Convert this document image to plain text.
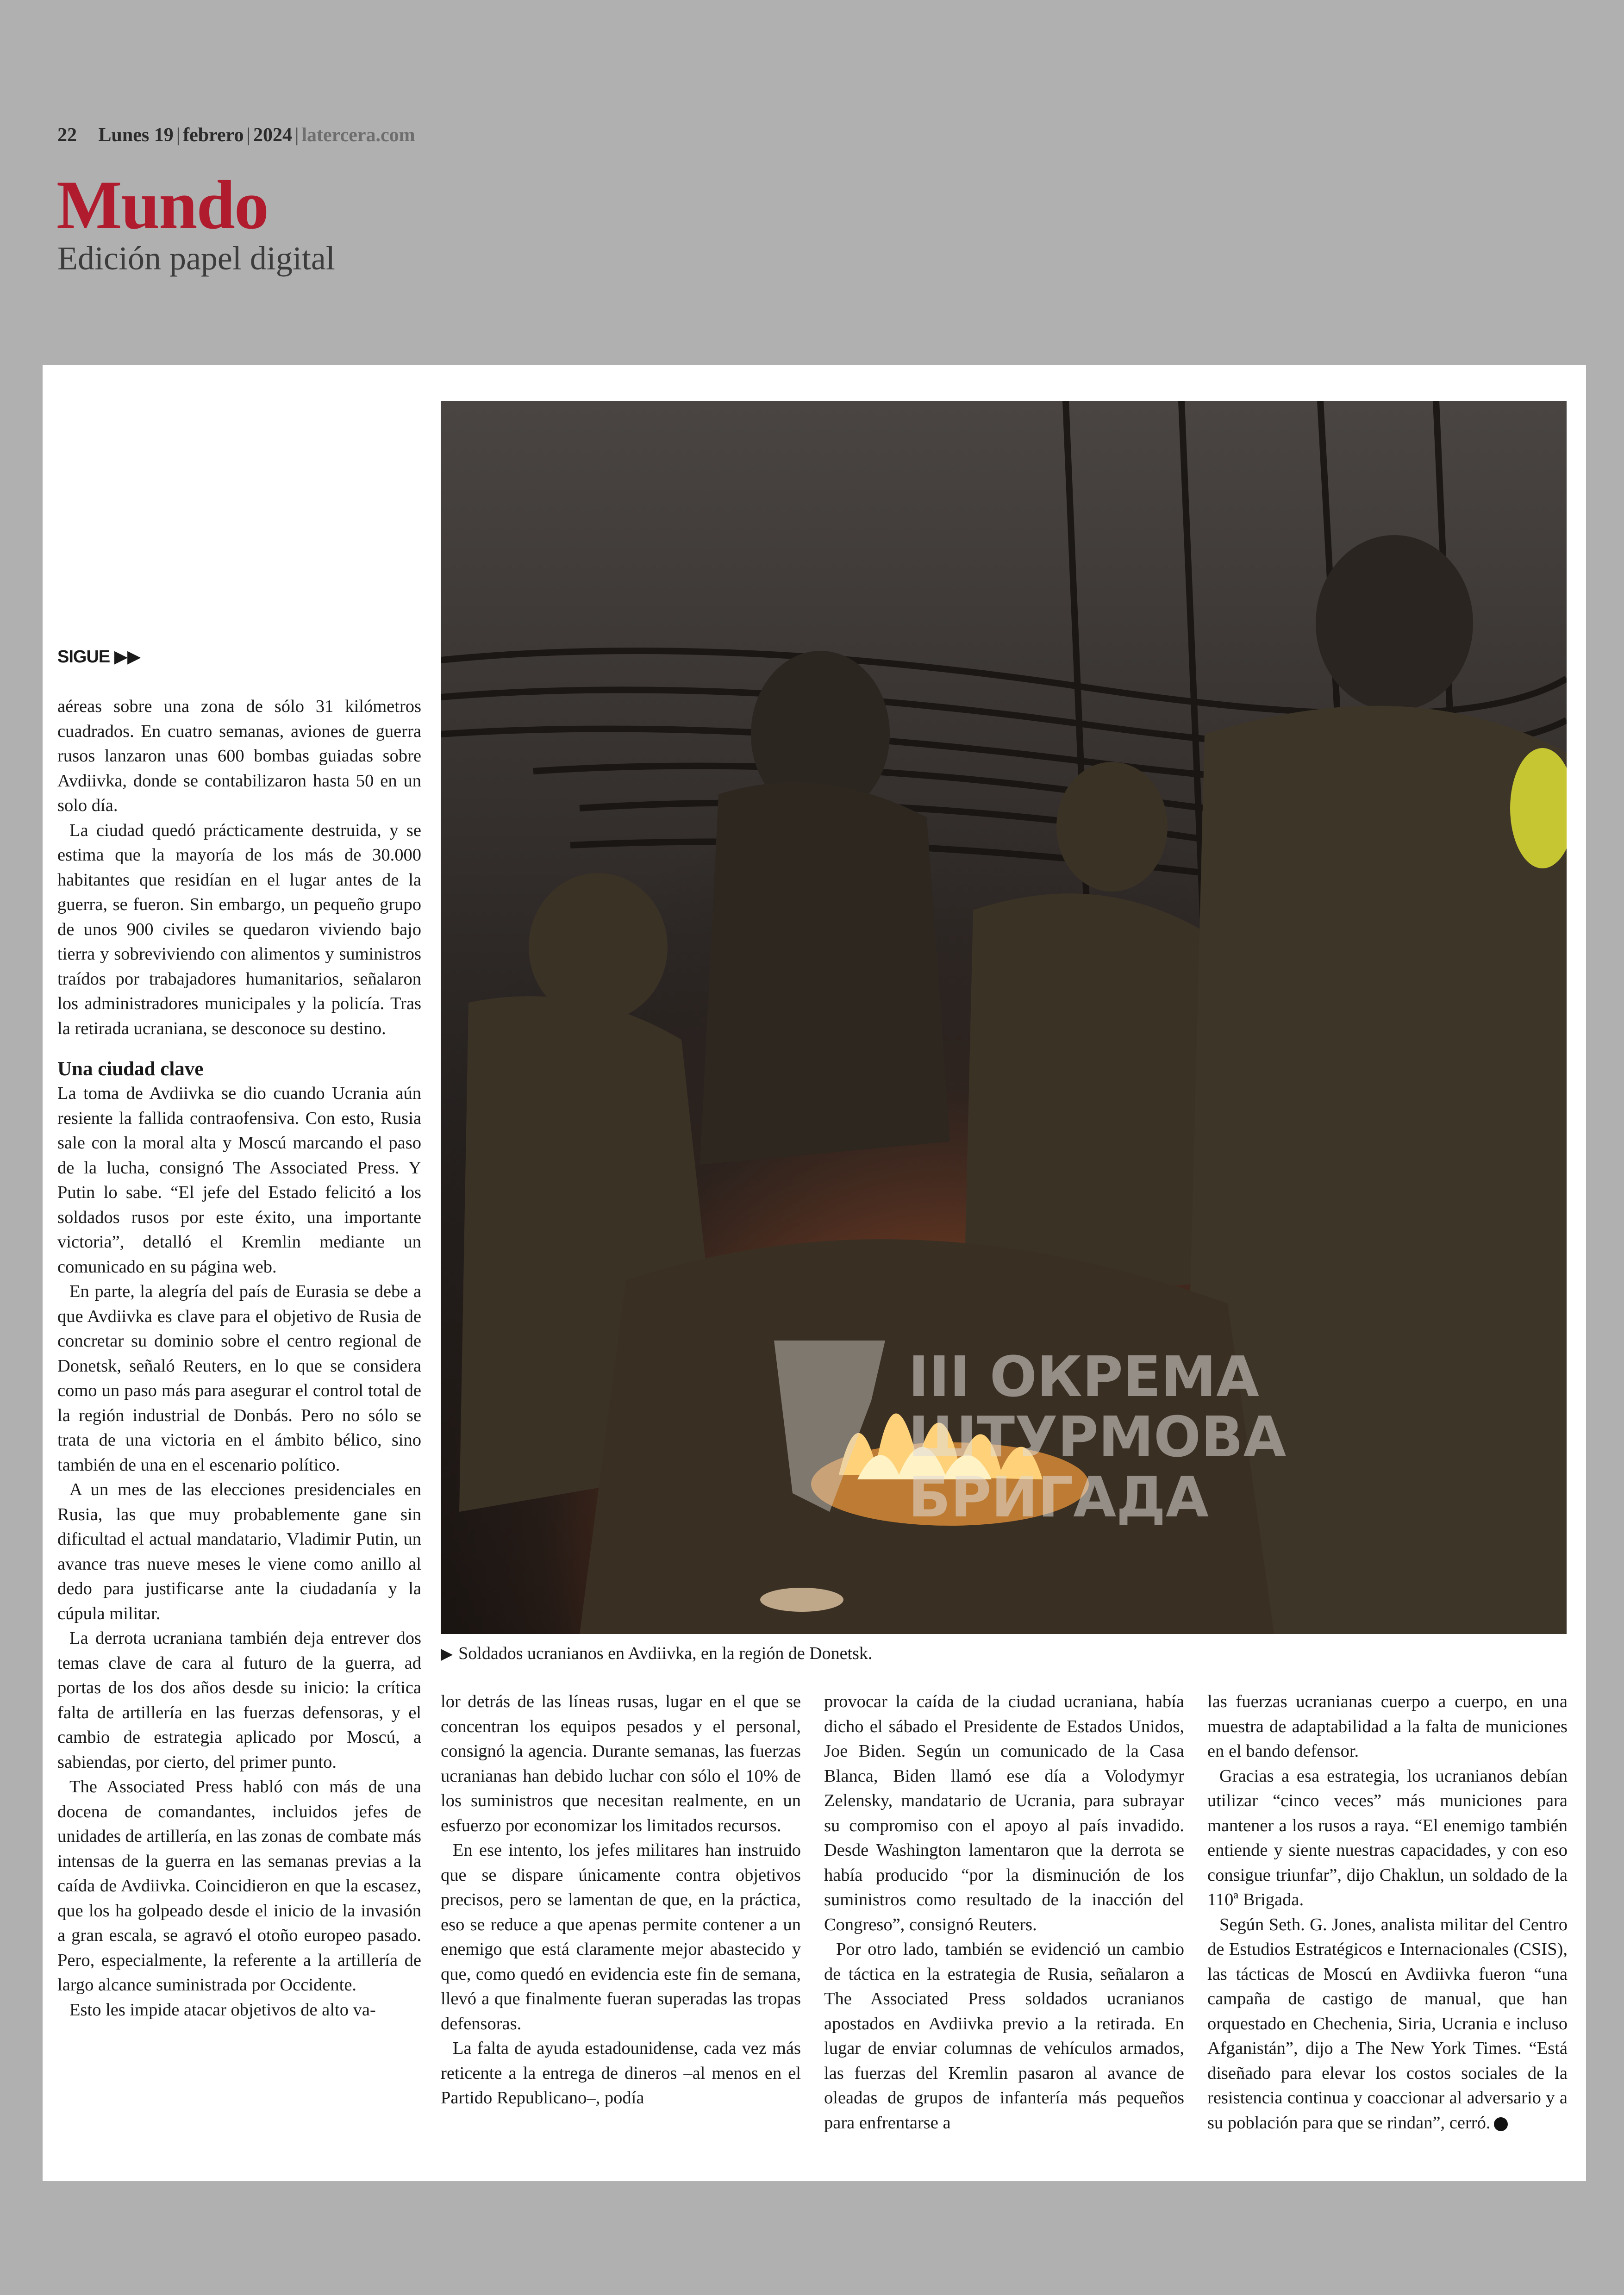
22 Lunes 19 | febrero | 2024 | latercera.com
Mundo
Edición papel digital
III ОКРЕМА
ШТУРМОВА
БРИГАДА
▶ Soldados ucranianos en Avdiivka, en la región de Donetsk.
SIGUE ▶▶

aéreas sobre una zona de sólo 31 kilómetros cuadrados. En cuatro semanas, aviones de guerra rusos lanzaron unas 600 bombas guiadas sobre Avdiivka, donde se contabilizaron hasta 50 en un solo día.

La ciudad quedó prácticamente destruida, y se estima que la mayoría de los más de 30.000 habitantes que residían en el lugar antes de la guerra, se fueron. Sin embargo, un pequeño grupo de unos 900 civiles se quedaron viviendo bajo tierra y sobreviviendo con alimentos y suministros traídos por trabajadores humanitarios, señalaron los administradores municipales y la policía. Tras la retirada ucraniana, se desconoce su destino.

Una ciudad clave

La toma de Avdiivka se dio cuando Ucrania aún resiente la fallida contraofensiva. Con esto, Rusia sale con la moral alta y Moscú marcando el paso de la lucha, consignó The Associated Press. Y Putin lo sabe. “El jefe del Estado felicitó a los soldados rusos por este éxito, una importante victoria”, detalló el Kremlin mediante un comunicado en su página web.

En parte, la alegría del país de Eurasia se debe a que Avdiivka es clave para el objetivo de Rusia de concretar su dominio sobre el centro regional de Donetsk, señaló Reuters, en lo que se considera como un paso más para asegurar el control total de la región industrial de Donbás. Pero no sólo se trata de una victoria en el ámbito bélico, sino también de una en el escenario político.

A un mes de las elecciones presidenciales en Rusia, las que muy probablemente gane sin dificultad el actual mandatario, Vladimir Putin, un avance tras nueve meses le viene como anillo al dedo para justificarse ante la ciudadanía y la cúpula militar.

La derrota ucraniana también deja entrever dos temas clave de cara al futuro de la guerra, ad portas de los dos años desde su inicio: la crítica falta de artillería en las fuerzas defensoras, y el cambio de estrategia aplicado por Moscú, a sabiendas, por cierto, del primer punto.

The Associated Press habló con más de una docena de comandantes, incluidos jefes de unidades de artillería, en las zonas de combate más intensas de la guerra en las semanas previas a la caída de Avdiivka. Coincidieron en que la escasez, que los ha golpeado desde el inicio de la invasión a gran escala, se agravó el otoño europeo pasado. Pero, especialmente, la referente a la artillería de largo alcance suministrada por Occidente.

Esto les impide atacar objetivos de alto va-

lor detrás de las líneas rusas, lugar en el que se concentran los equipos pesados y el personal, consignó la agencia. Durante semanas, las fuerzas ucranianas han debido luchar con sólo el 10% de los suministros que necesitan realmente, en un esfuerzo por economizar los limitados recursos.

En ese intento, los jefes militares han instruido que se dispare únicamente contra objetivos precisos, pero se lamentan de que, en la práctica, eso se reduce a que apenas permite contener a un enemigo que está claramente mejor abastecido y que, como quedó en evidencia este fin de semana, llevó a que finalmente fueran superadas las tropas defensoras.

La falta de ayuda estadounidense, cada vez más reticente a la entrega de dineros –al menos en el Partido Republicano–, podía

provocar la caída de la ciudad ucraniana, había dicho el sábado el Presidente de Estados Unidos, Joe Biden. Según un comunicado de la Casa Blanca, Biden llamó ese día a Volodymyr Zelensky, mandatario de Ucrania, para subrayar su compromiso con el apoyo al país invadido. Desde Washington lamentaron que la derrota se había producido “por la disminución de los suministros como resultado de la inacción del Congreso”, consignó Reuters.

Por otro lado, también se evidenció un cambio de táctica en la estrategia de Rusia, señalaron a The Associated Press soldados ucranianos apostados en Avdiivka previo a la retirada. En lugar de enviar columnas de vehículos armados, las fuerzas del Kremlin pasaron al avance de oleadas de grupos de infantería más pequeños para enfrentarse a

las fuerzas ucranianas cuerpo a cuerpo, en una muestra de adaptabilidad a la falta de municiones en el bando defensor.

Gracias a esa estrategia, los ucranianos debían utilizar “cinco veces” más municiones para mantener a los rusos a raya. “El enemigo también entiende y siente nuestras capacidades, y con eso consigue triunfar”, dijo Chaklun, un soldado de la 110ª Brigada.

Según Seth. G. Jones, analista militar del Centro de Estudios Estratégicos e Internacionales (CSIS), las tácticas de Moscú en Avdiivka fueron “una campaña de castigo de manual, que han orquestado en Chechenia, Siria, Ucrania e incluso Afganistán”, dijo a The New York Times. “Está diseñado para elevar los costos sociales de la resistencia continua y coaccionar al adversario y a su población para que se rindan”, cerró.
